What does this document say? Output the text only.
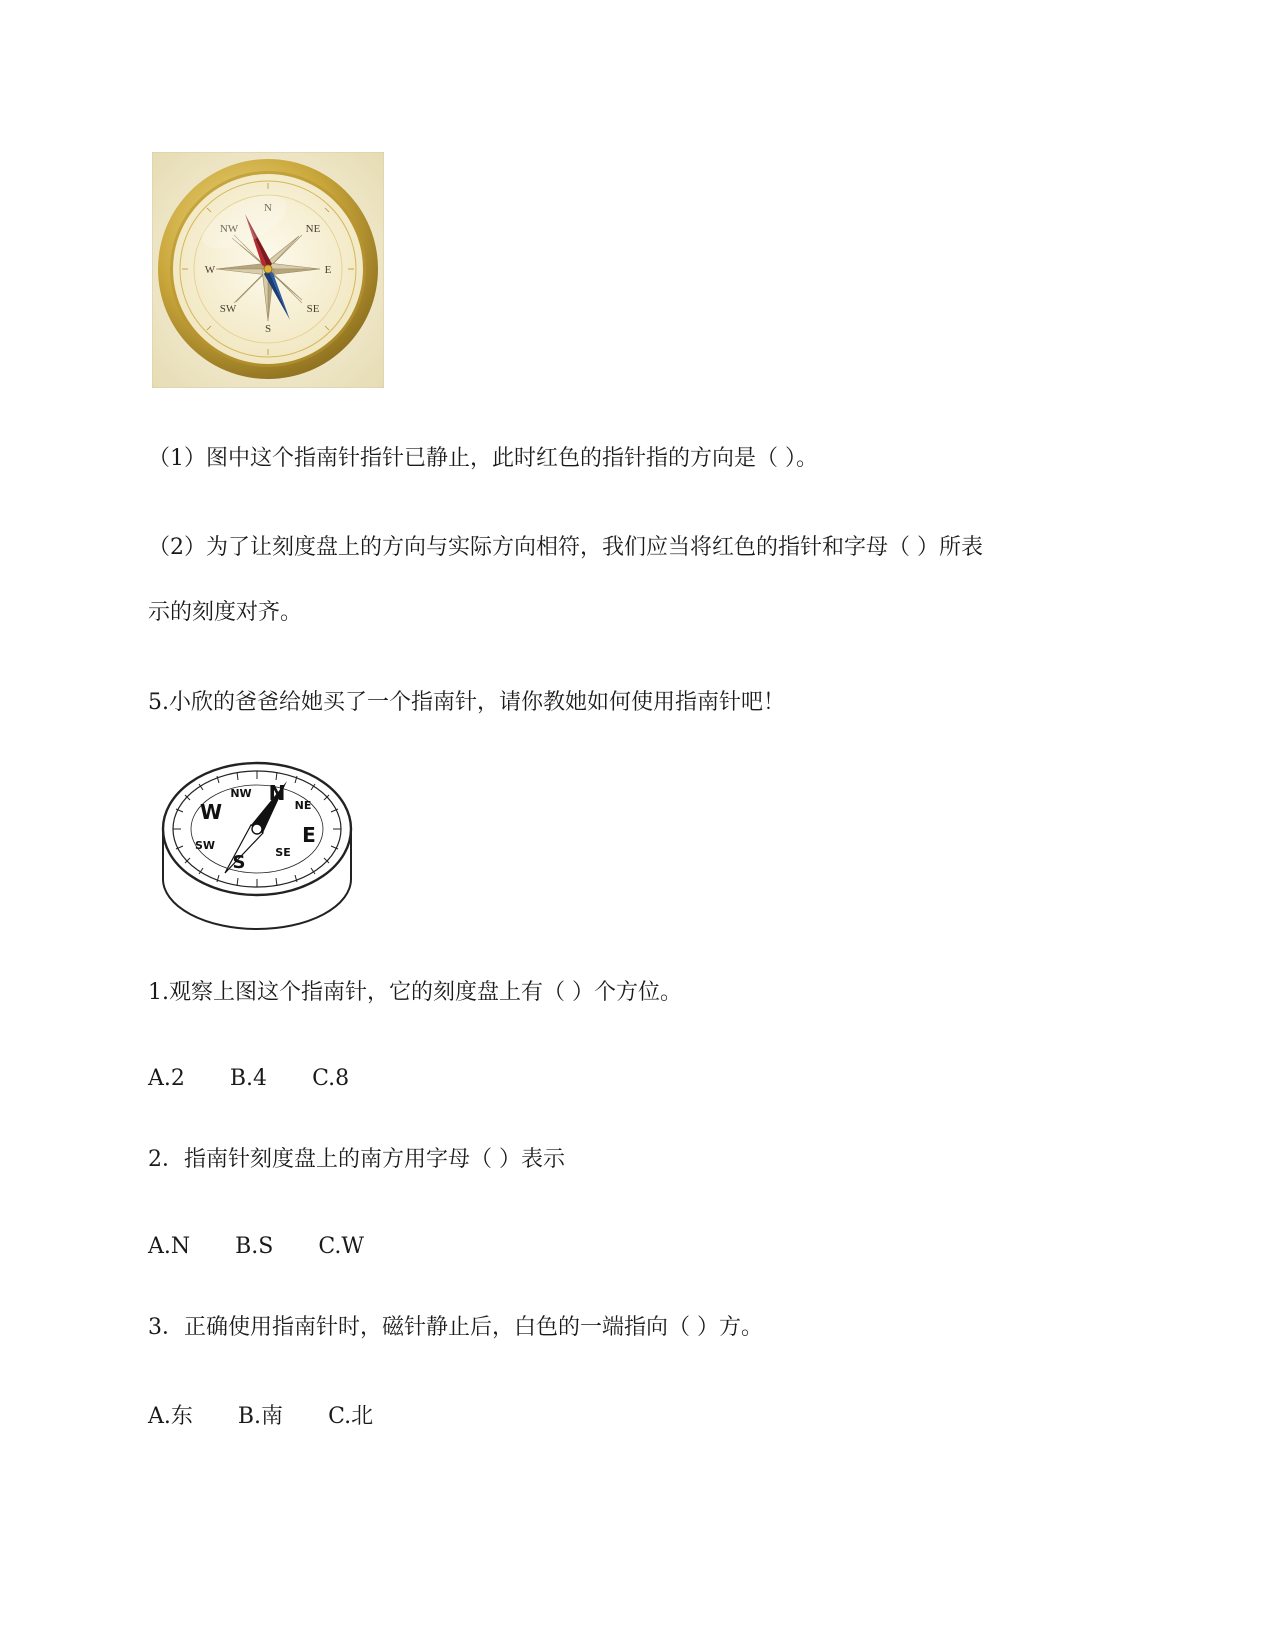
N
NE
E
SE
S
SW
W
NW
（1）图中这个指南针指针已静止，此时红色的指针指的方向是（ ）。
（2）为了让刻度盘上的方向与实际方向相符，我们应当将红色的指针和字母（ ）所表
示的刻度对齐。
5.小欣的爸爸给她买了一个指南针，请你教她如何使用指南针吧！
N
NE
E
SE
S
SW
W
NW
1.观察上图这个指南针，它的刻度盘上有（ ）个方位。
A.2 B.4 C.8
2．指南针刻度盘上的南方用字母（ ）表示
A.N B.S C.W
3．正确使用指南针时，磁针静止后，白色的一端指向（ ）方。
A.东 B.南 C.北
